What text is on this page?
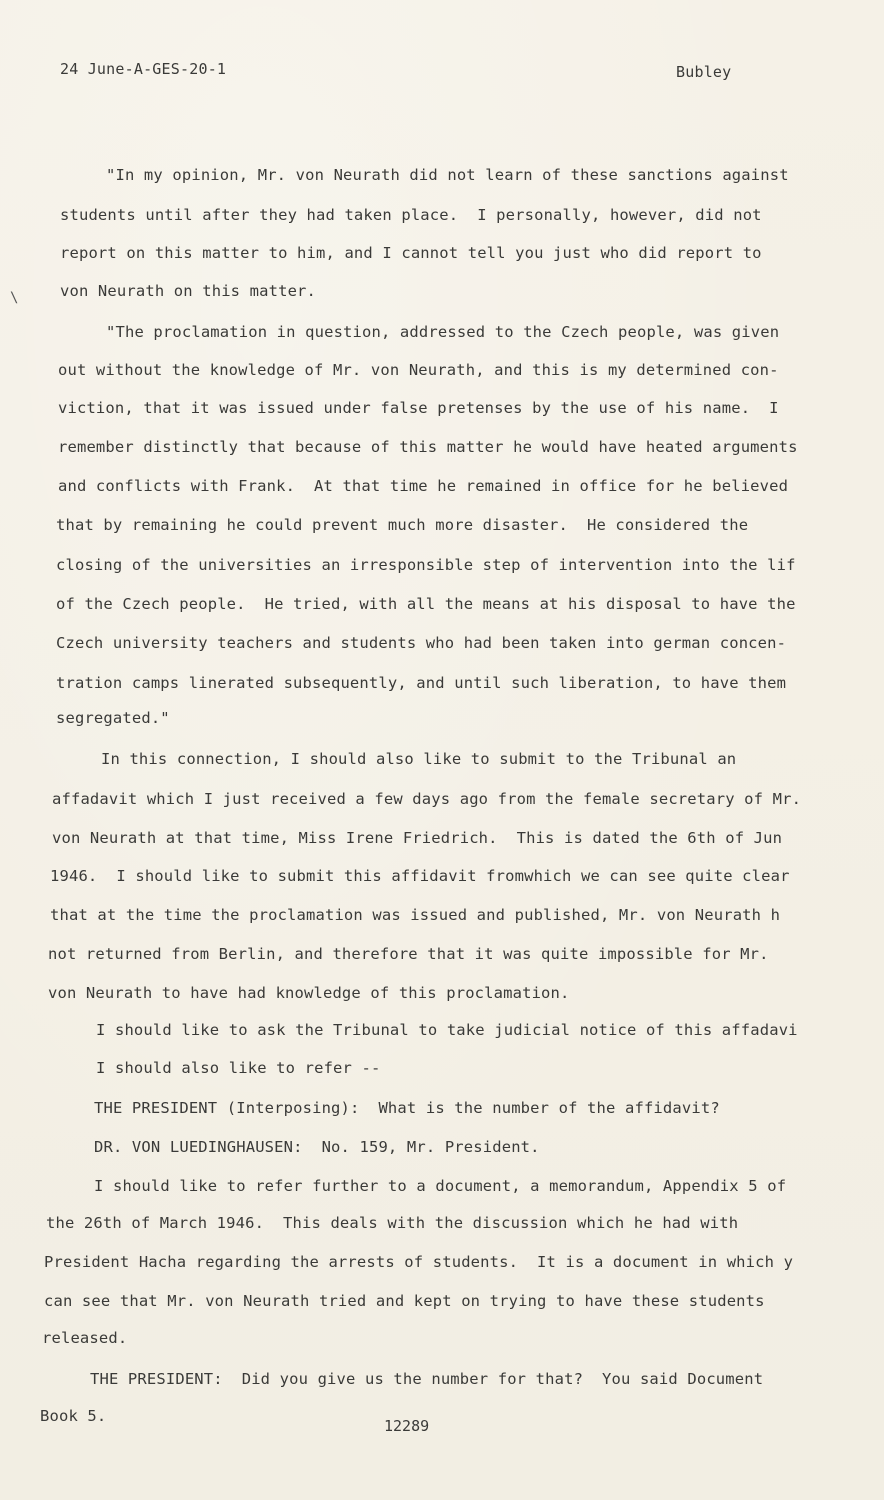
24 June-A-GES-20-1	Bubley
\
"In my opinion, Mr. von Neurath did not learn of these sanctions against
students until after they had taken place.  I personally, however, did not
report on this matter to him, and I cannot tell you just who did report to
von Neurath on this matter.
"The proclamation in question, addressed to the Czech people, was given
out without the knowledge of Mr. von Neurath, and this is my determined con-
viction, that it was issued under false pretenses by the use of his name.  I
remember distinctly that because of this matter he would have heated arguments
and conflicts with Frank.  At that time he remained in office for he believed
that by remaining he could prevent much more disaster.  He considered the
closing of the universities an irresponsible step of intervention into the lif
of the Czech people.  He tried, with all the means at his disposal to have the
Czech university teachers and students who had been taken into german concen-
tration camps linerated subsequently, and until such liberation, to have them
segregated."
In this connection, I should also like to submit to the Tribunal an
affadavit which I just received a few days ago from the female secretary of Mr.
von Neurath at that time, Miss Irene Friedrich.  This is dated the 6th of Jun
1946.  I should like to submit this affidavit fromwhich we can see quite clear
that at the time the proclamation was issued and published, Mr. von Neurath h
not returned from Berlin, and therefore that it was quite impossible for Mr.
von Neurath to have had knowledge of this proclamation.
I should like to ask the Tribunal to take judicial notice of this affadavi
I should also like to refer --
THE PRESIDENT (Interposing):  What is the number of the affidavit?
DR. VON LUEDINGHAUSEN:  No. 159, Mr. President.
I should like to refer further to a document, a memorandum, Appendix 5 of
the 26th of March 1946.  This deals with the discussion which he had with
President Hacha regarding the arrests of students.  It is a document in which y
can see that Mr. von Neurath tried and kept on trying to have these students
released.
THE PRESIDENT:  Did you give us the number for that?  You said Document
Book 5.
12289
